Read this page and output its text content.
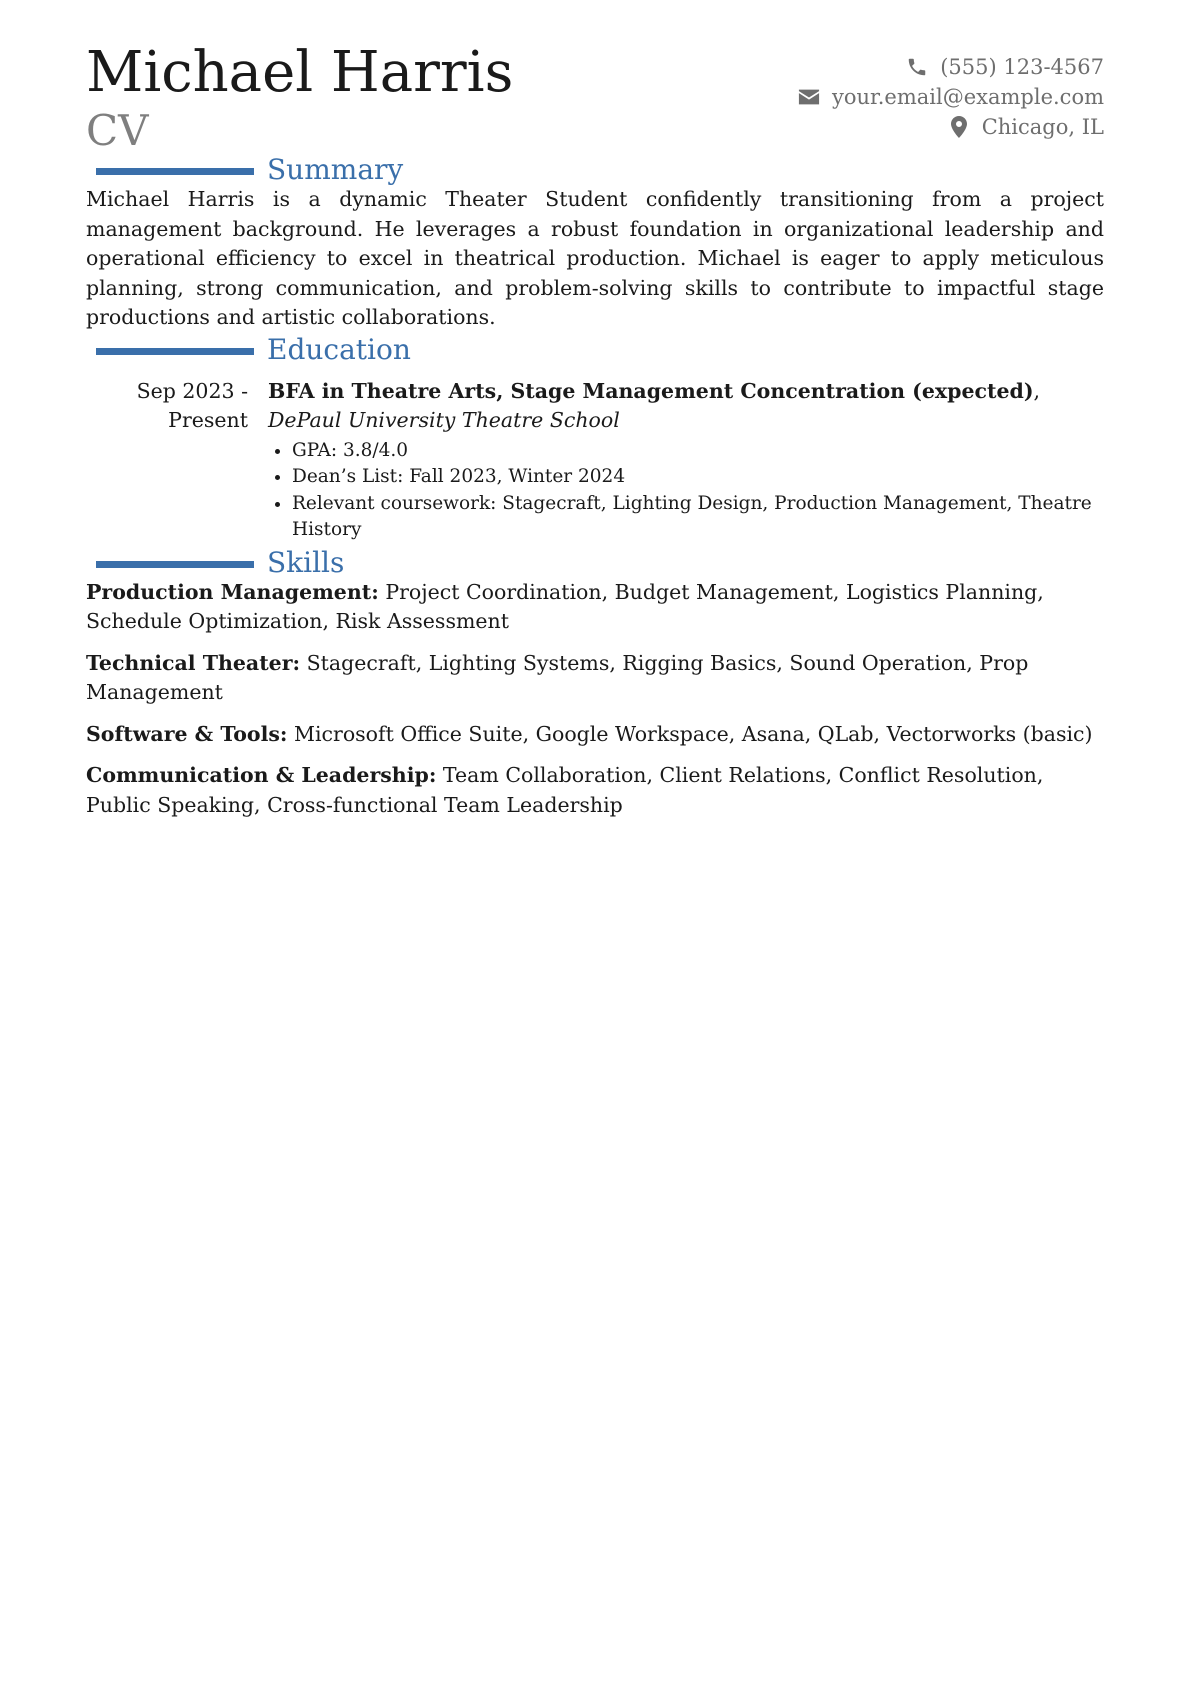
Michael Harris
CV
(555) 123-4567
your.email@example.com
Chicago, IL
Summary

Michael Harris is a dynamic Theater Student confidently transitioning from a project management background. He leverages a robust foundation in organizational leadership and operational efficiency to excel in theatrical production. Michael is eager to apply meticulous planning, strong communication, and problem-solving skills to contribute to impactful stage productions and artistic collaborations.

Education
Sep 2023 - Present
BFA in Theatre Arts, Stage Management Concentration (expected), DePaul University Theatre School
• GPA: 3.8/4.0
• Dean’s List: Fall 2023, Winter 2024
• Relevant coursework: Stagecraft, Lighting Design, Production Management, Theatre History
Skills

Production Management: Project Coordination, Budget Management, Logistics Planning, Schedule Optimization, Risk Assessment

Technical Theater: Stagecraft, Lighting Systems, Rigging Basics, Sound Operation, Prop Management

Software & Tools: Microsoft Office Suite, Google Workspace, Asana, QLab, Vectorworks (basic)

Communication & Leadership: Team Collaboration, Client Relations, Conflict Resolution, Public Speaking, Cross-functional Team Leadership
